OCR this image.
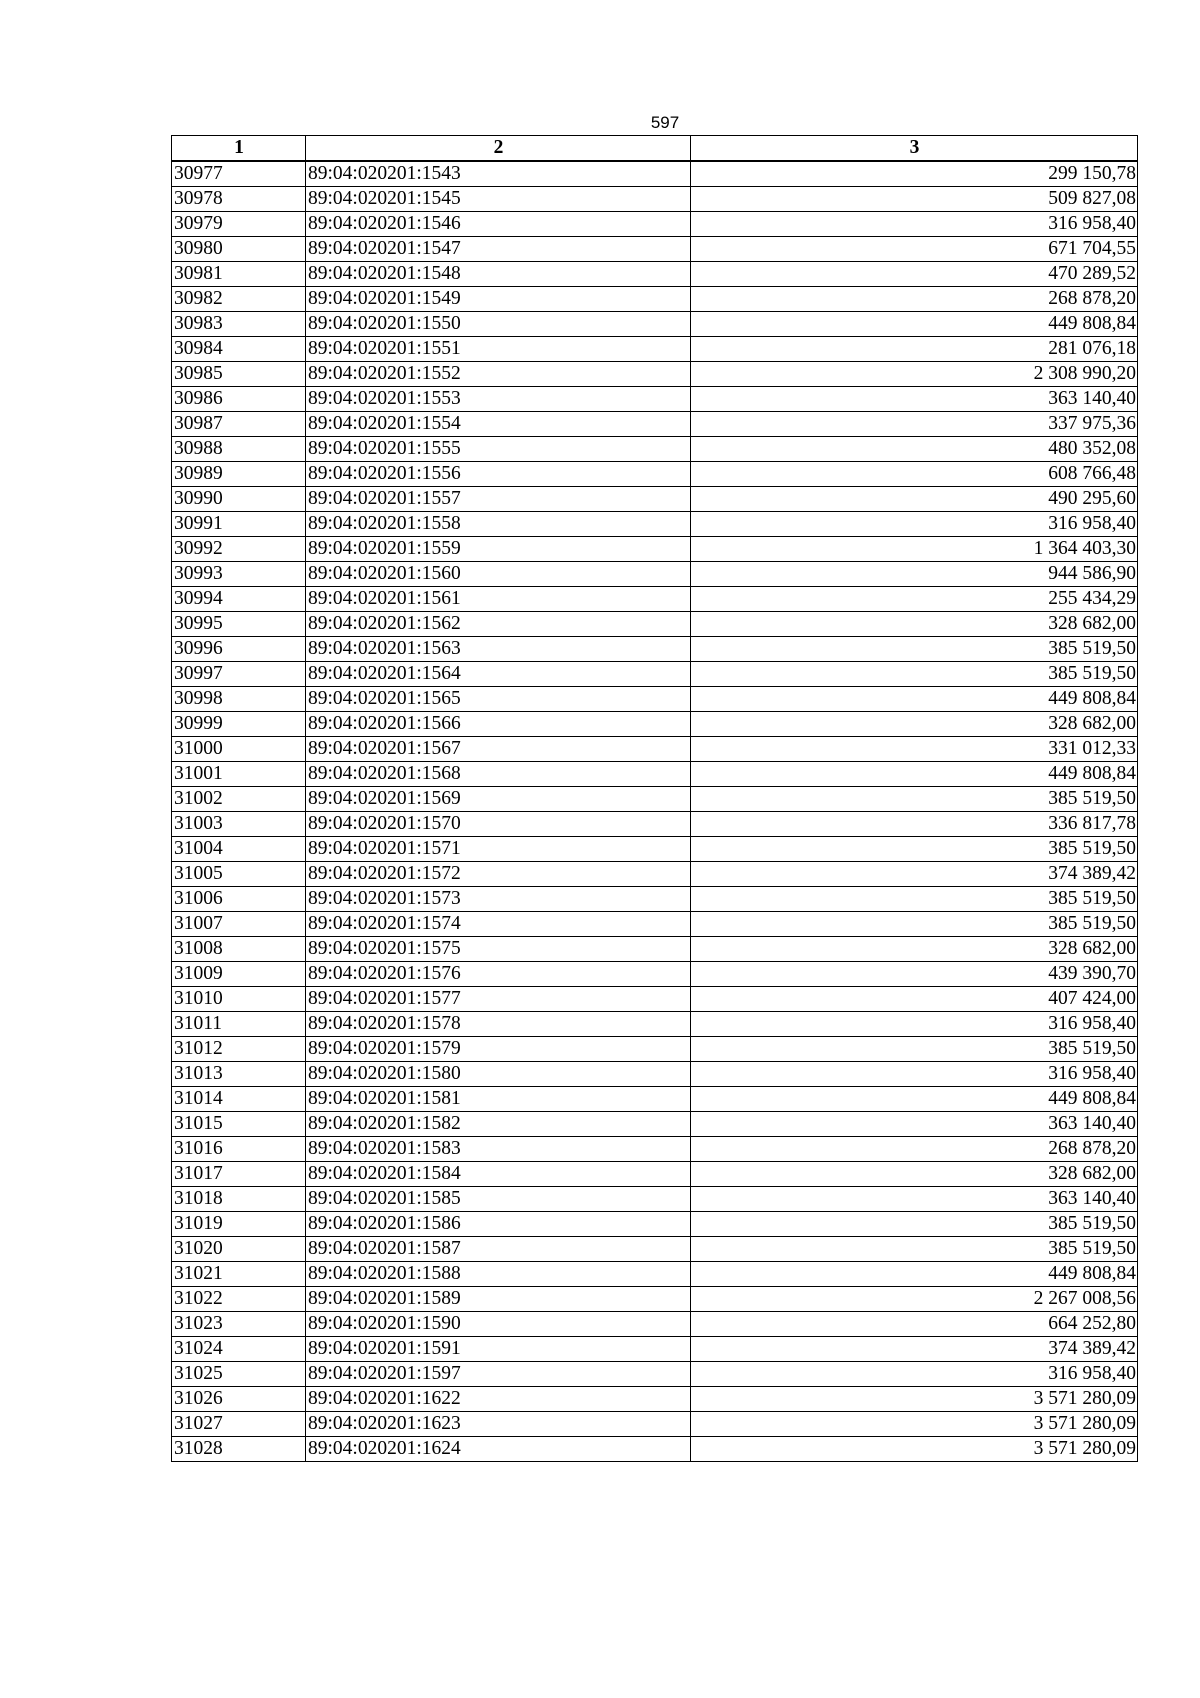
597
1	2	3
30977	89:04:020201:1543	299 150,78
30978	89:04:020201:1545	509 827,08
30979	89:04:020201:1546	316 958,40
30980	89:04:020201:1547	671 704,55
30981	89:04:020201:1548	470 289,52
30982	89:04:020201:1549	268 878,20
30983	89:04:020201:1550	449 808,84
30984	89:04:020201:1551	281 076,18
30985	89:04:020201:1552	2 308 990,20
30986	89:04:020201:1553	363 140,40
30987	89:04:020201:1554	337 975,36
30988	89:04:020201:1555	480 352,08
30989	89:04:020201:1556	608 766,48
30990	89:04:020201:1557	490 295,60
30991	89:04:020201:1558	316 958,40
30992	89:04:020201:1559	1 364 403,30
30993	89:04:020201:1560	944 586,90
30994	89:04:020201:1561	255 434,29
30995	89:04:020201:1562	328 682,00
30996	89:04:020201:1563	385 519,50
30997	89:04:020201:1564	385 519,50
30998	89:04:020201:1565	449 808,84
30999	89:04:020201:1566	328 682,00
31000	89:04:020201:1567	331 012,33
31001	89:04:020201:1568	449 808,84
31002	89:04:020201:1569	385 519,50
31003	89:04:020201:1570	336 817,78
31004	89:04:020201:1571	385 519,50
31005	89:04:020201:1572	374 389,42
31006	89:04:020201:1573	385 519,50
31007	89:04:020201:1574	385 519,50
31008	89:04:020201:1575	328 682,00
31009	89:04:020201:1576	439 390,70
31010	89:04:020201:1577	407 424,00
31011	89:04:020201:1578	316 958,40
31012	89:04:020201:1579	385 519,50
31013	89:04:020201:1580	316 958,40
31014	89:04:020201:1581	449 808,84
31015	89:04:020201:1582	363 140,40
31016	89:04:020201:1583	268 878,20
31017	89:04:020201:1584	328 682,00
31018	89:04:020201:1585	363 140,40
31019	89:04:020201:1586	385 519,50
31020	89:04:020201:1587	385 519,50
31021	89:04:020201:1588	449 808,84
31022	89:04:020201:1589	2 267 008,56
31023	89:04:020201:1590	664 252,80
31024	89:04:020201:1591	374 389,42
31025	89:04:020201:1597	316 958,40
31026	89:04:020201:1622	3 571 280,09
31027	89:04:020201:1623	3 571 280,09
31028	89:04:020201:1624	3 571 280,09
